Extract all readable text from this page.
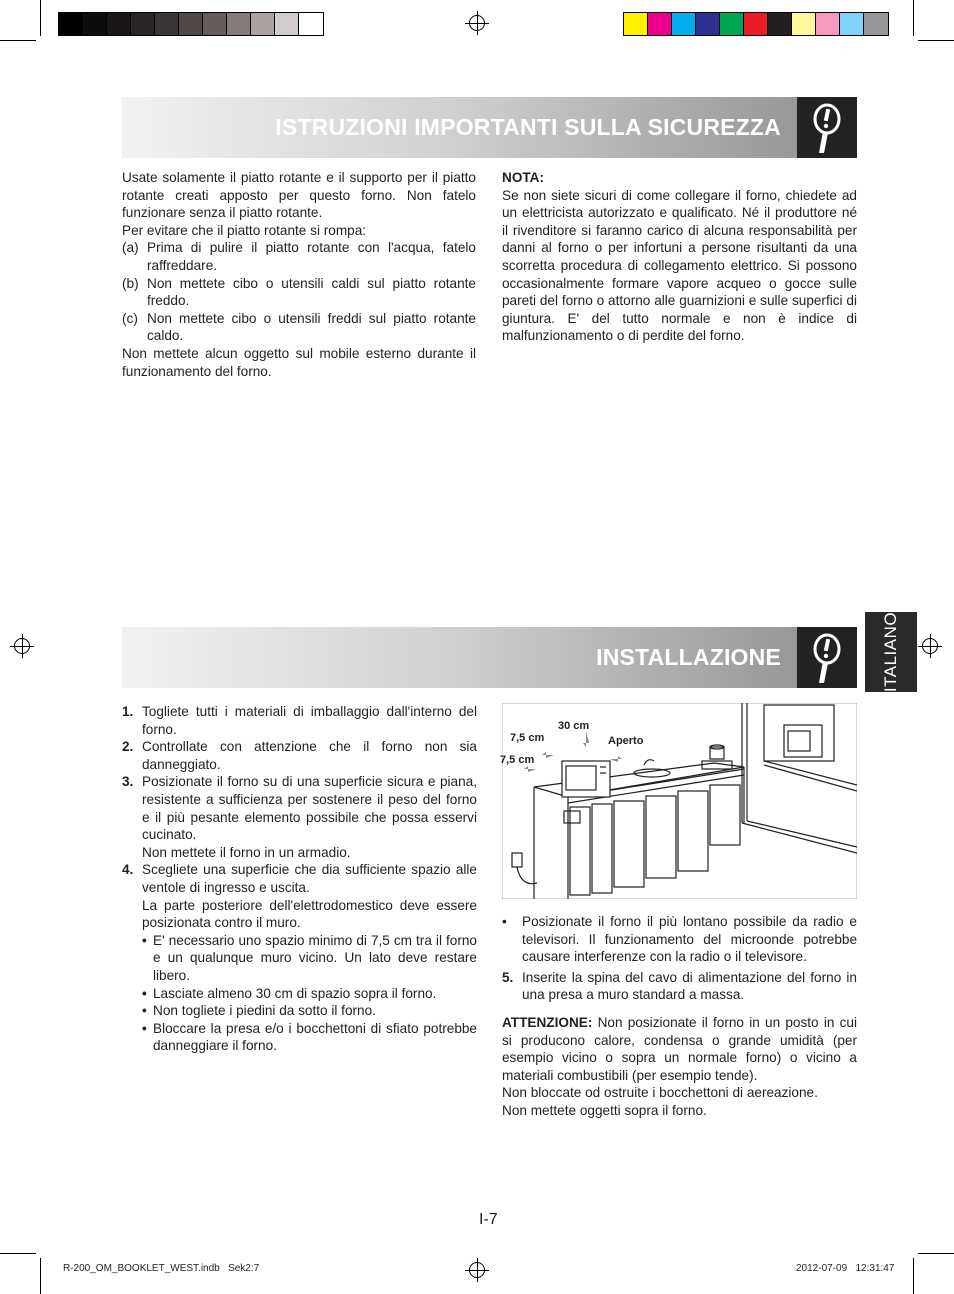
ISTRUZIONI IMPORTANTI SULLA SICUREZZA

Usate solamente il piatto rotante e il supporto per il piatto rotante creati apposto per questo forno. Non fatelo funzionare senza il piatto rotante.

Per evitare che il piatto rotante si rompa:

(a) Prima di pulire il piatto rotante con l'acqua, fatelo raffreddare.
(b) Non mettete cibo o utensili caldi sul piatto rotante freddo.
(c) Non mettete cibo o utensili freddi sul piatto rotante caldo.

Non mettete alcun oggetto sul mobile esterno durante il funzionamento del forno.

NOTA:

Se non siete sicuri di come collegare il forno, chiedete ad un elettricista autorizzato e qualificato. Né il produttore né il rivenditore si faranno carico di alcuna responsabilità per danni al forno o per infortuni a persone risultanti da una scorretta procedura di collegamento elettrico. Si possono occasionalmente formare vapore acqueo o gocce sulle pareti del forno o attorno alle guarnizioni e sulle superfici di giuntura. E' del tutto normale e non è indice di malfunzionamento o di perdite del forno.

ITALIANO
INSTALLAZIONE
1. Togliete tutti i materiali di imballaggio dall'interno del forno.
2. Controllate con attenzione che il forno non sia danneggiato.
3. Posizionate il forno su di una superficie sicura e piana, resistente a sufficienza per sostenere il peso del forno e il più pesante elemento possibile che possa esservi cucinato.
Non mettete il forno in un armadio.
4. Scegliete una superficie che dia sufficiente spazio alle ventole di ingresso e uscita.
La parte posteriore dell'elettrodomestico deve essere posizionata contro il muro.
• E' necessario uno spazio minimo di 7,5 cm tra il forno e un qualunque muro vicino. Un lato deve restare libero.
• Lasciate almeno 30 cm di spazio sopra il forno.
• Non togliete i piedini da sotto il forno.
• Bloccare la presa e/o i bocchettoni di sfiato potrebbe danneggiare il forno.
30 cm
7,5 cm
7,5 cm
Aperto
• Posizionate il forno il più lontano possibile da radio e televisori. Il funzionamento del microonde potrebbe causare interferenze con la radio o il televisore.
5. Inserite la spina del cavo di alimentazione del forno in una presa a muro standard a massa.

ATTENZIONE: Non posizionate il forno in un posto in cui si producono calore, condensa o grande umidità (per esempio vicino o sopra un normale forno) o vicino a materiali combustibili (per esempio tende).

Non bloccate od ostruite i bocchettoni di aereazione.

Non mettete oggetti sopra il forno.

I-7
R-200_OM_BOOKLET_WEST.indb   Sek2:7	2012-07-09   12:31:47
